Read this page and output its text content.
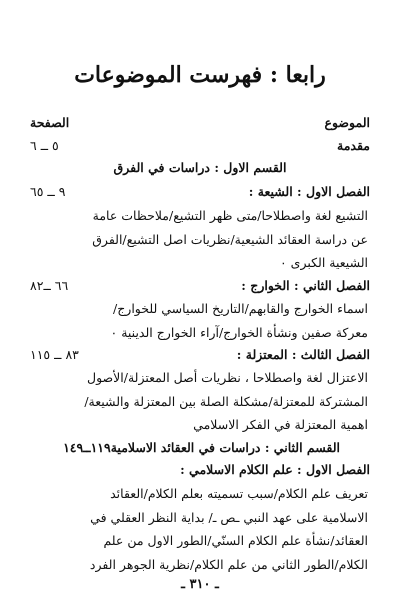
رابعا : فهرست الموضوعات
الموضوع
الصفحة
مقدمة
٥ ــ ٦
القسم الاول : دراسات في الفرق
الفصل الاول : الشيعة :
٩ ــ ٦٥
التشيع لغة واصطلاحا/متى ظهر التشيع/ملاحظات عامة
عن دراسة العقائد الشيعية/نظريات اصل التشيع/الفرق
الشيعية الكبرى ٠
الفصل الثاني : الخوارج :
٦٦ ــ٨٢
اسماء الخوارج والقابهم/التاريخ السياسي للخوارج/
معركة صفين ونشأة الخوارج/آراء الخوارج الدينية ٠
الفصل الثالث : المعتزلة :
٨٣ ــ ١١٥
الاعتزال لغة واصطلاحا ، نظريات أصل المعتزلة/الأصول
المشتركة للمعتزلة/مشكلة الصلة بين المعتزلة والشيعة/
اهمية المعتزلة في الفكر الاسلامي
القسم الثاني : دراسات في العقائد الاسلامية
١١٩ــ١٤٩
الفصل الاول : علم الكلام الاسلامي :
تعريف علم الكلام/سبب تسميته بعلم الكلام/العقائد
الاسلامية على عهد النبي ـص ـ/ بداية النظر العقلي في
العقائد/نشأة علم الكلام السنّي/الطور الاول من علم
الكلام/الطور الثاني من علم الكلام/نظرية الجوهر الفرد
ـ ٣١٠ ـ
